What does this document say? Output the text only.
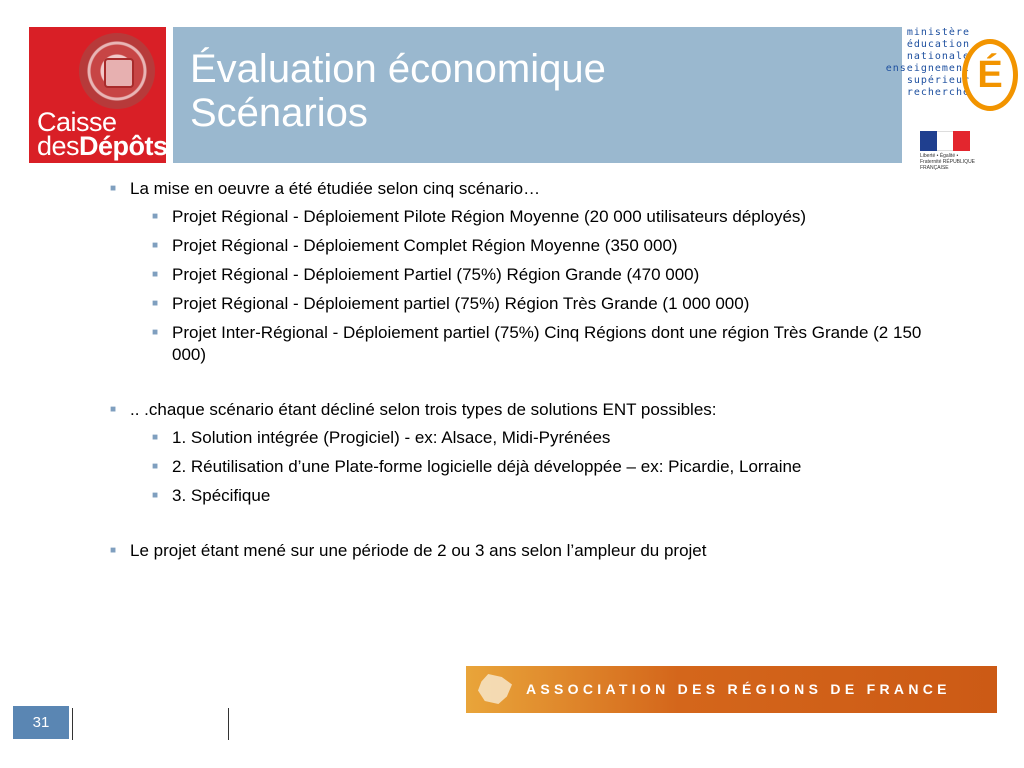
Caisse
desDépôts
Évaluation économique
Scénarios
ministère
éducation
nationale
enseignement
supérieur
recherche É
Liberté • Égalité • Fraternité RÉPUBLIQUE FRANÇAISE
■ La mise en oeuvre a été étudiée selon cinq scénario…
■ Projet Régional - Déploiement Pilote Région Moyenne (20 000 utilisateurs déployés)
■ Projet Régional - Déploiement Complet Région Moyenne (350 000)
■ Projet Régional - Déploiement Partiel (75%) Région Grande (470 000)
■ Projet Régional - Déploiement partiel (75%) Région Très Grande (1 000 000)
■ Projet Inter-Régional - Déploiement partiel (75%) Cinq Régions dont une région Très Grande (2 150 000)
■ .. .chaque scénario étant décliné selon trois types de solutions ENT possibles:
■ 1. Solution intégrée (Progiciel) - ex: Alsace, Midi-Pyrénées
■ 2. Réutilisation d’une Plate-forme logicielle déjà développée – ex: Picardie, Lorraine
■ 3. Spécifique
■ Le projet étant mené sur une période de 2 ou 3 ans selon l’ampleur du projet
ASSOCIATION DES RÉGIONS DE FRANCE
31
